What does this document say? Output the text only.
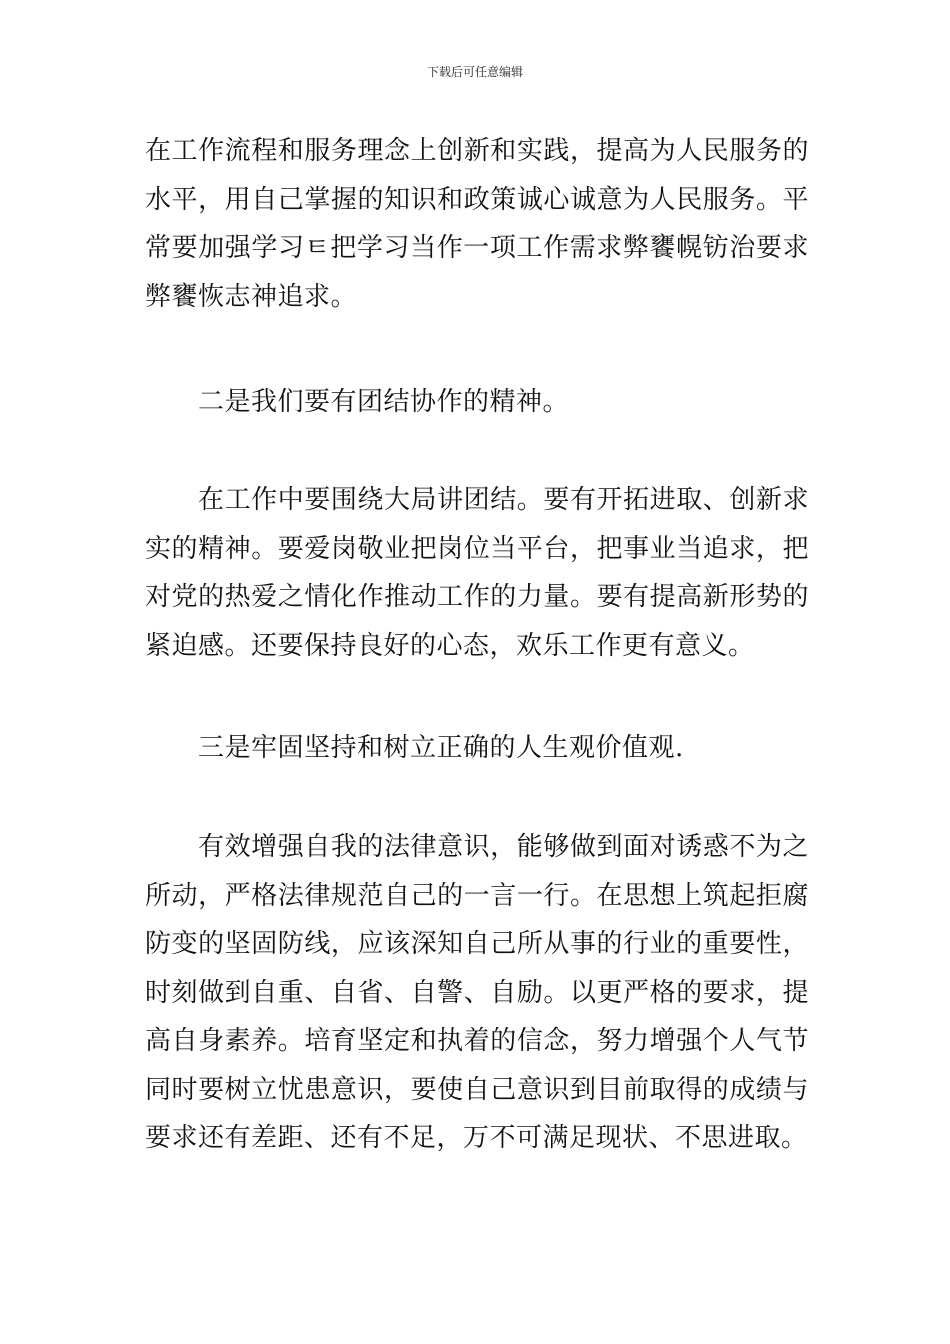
下载后可任意编辑

在工作流程和服务理念上创新和实践，提高为人民服务的水平，用自己掌握的知识和政策诚心诚意为人民服务。平常要加强学习ㅌ把学习当作一项工作需求弊饔幌钫治要求弊饔恢志神追求。

二是我们要有团结协作的精神。

在工作中要围绕大局讲团结。要有开拓进取、创新求实的精神。要爱岗敬业把岗位当平台，把事业当追求，把对党的热爱之情化作推动工作的力量。要有提高新形势的紧迫感。还要保持良好的心态，欢乐工作更有意义。

三是牢固坚持和树立正确的人生观价值观.

有效增强自我的法律意识，能够做到面对诱惑不为之所动，严格法律规范自己的一言一行。在思想上筑起拒腐防变的坚固防线，应该深知自己所从事的行业的重要性，时刻做到自重、自省、自警、自励。以更严格的要求，提高自身素养。培育坚定和执着的信念，努力增强个人气节同时要树立忧患意识，要使自己意识到目前取得的成绩与要求还有差距、还有不足，万不可满足现状、不思进取。
